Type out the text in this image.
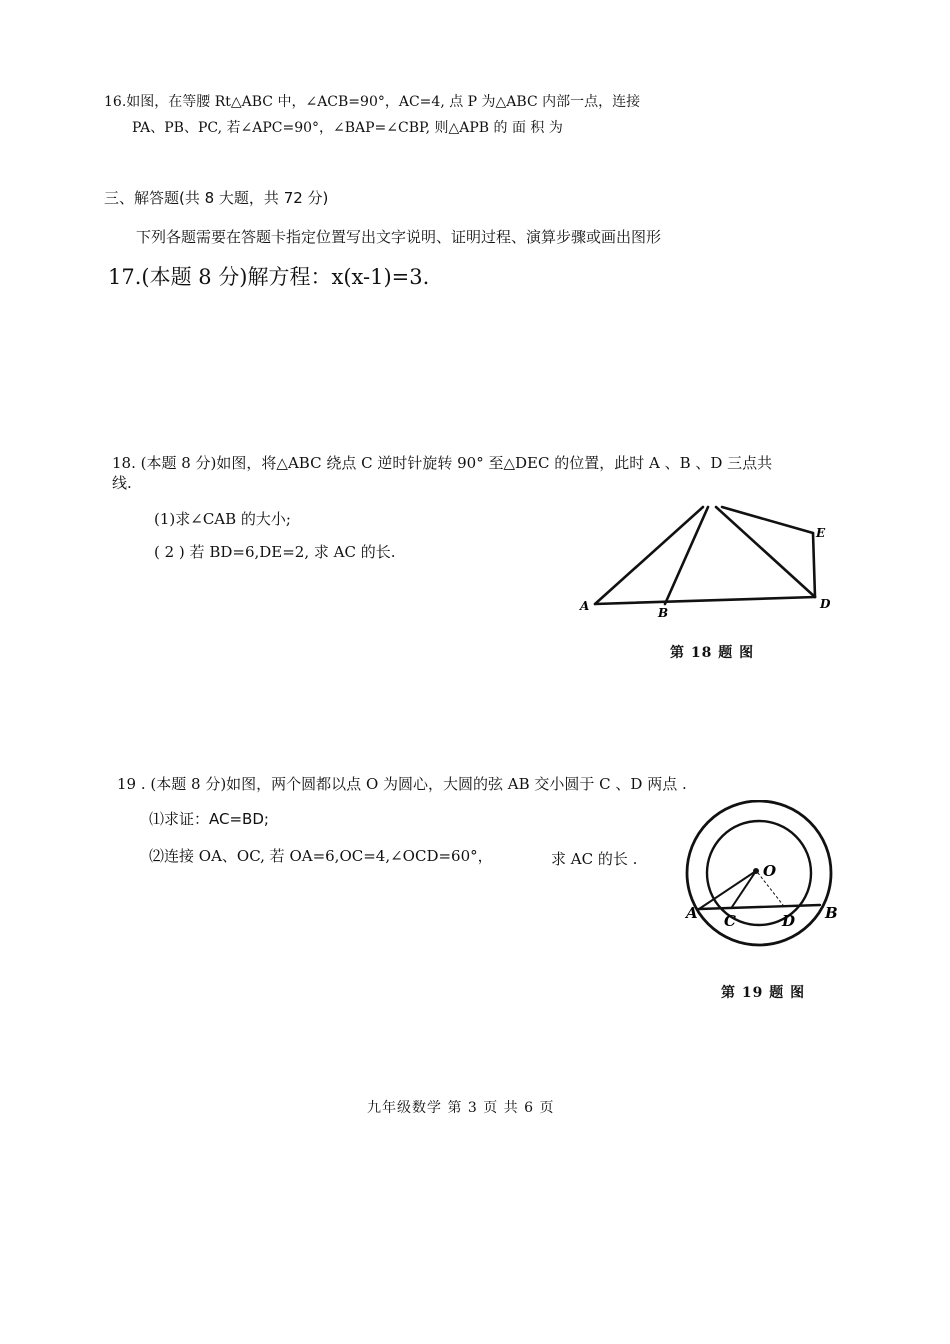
16.如图，在等腰 Rt△ABC 中，∠ACB=90°，AC=4, 点 P 为△ABC 内部一点，连接
PA、PB、PC, 若∠APC=90°，∠BAP=∠CBP, 则△APB 的 面 积 为
三、解答题(共 8 大题，共 72 分)
下列各题需要在答题卡指定位置写出文字说明、证明过程、演算步骤或画出图形
17.(本题 8 分)解方程：x(x-1)=3.
18. (本题 8 分)如图，将△ABC 绕点 C 逆时针旋转 90° 至△DEC 的位置，此时 A 、B 、D 三点共
线.
(1)求∠CAB 的大小;
( 2 ) 若 BD=6,DE=2, 求 AC 的长.
A	B
D
E
第 18 题 图
19 . (本题 8 分)如图，两个圆都以点 O 为圆心，大圆的弦 AB 交小圆于 C 、D 两点 .
⑴求证：AC=BD;
⑵连接 OA、OC, 若 OA=6,OC=4,∠OCD=60°，	求 AC 的长 .
O
A C	D B
第 19 题 图
九年级数学 第 3 页 共 6 页
